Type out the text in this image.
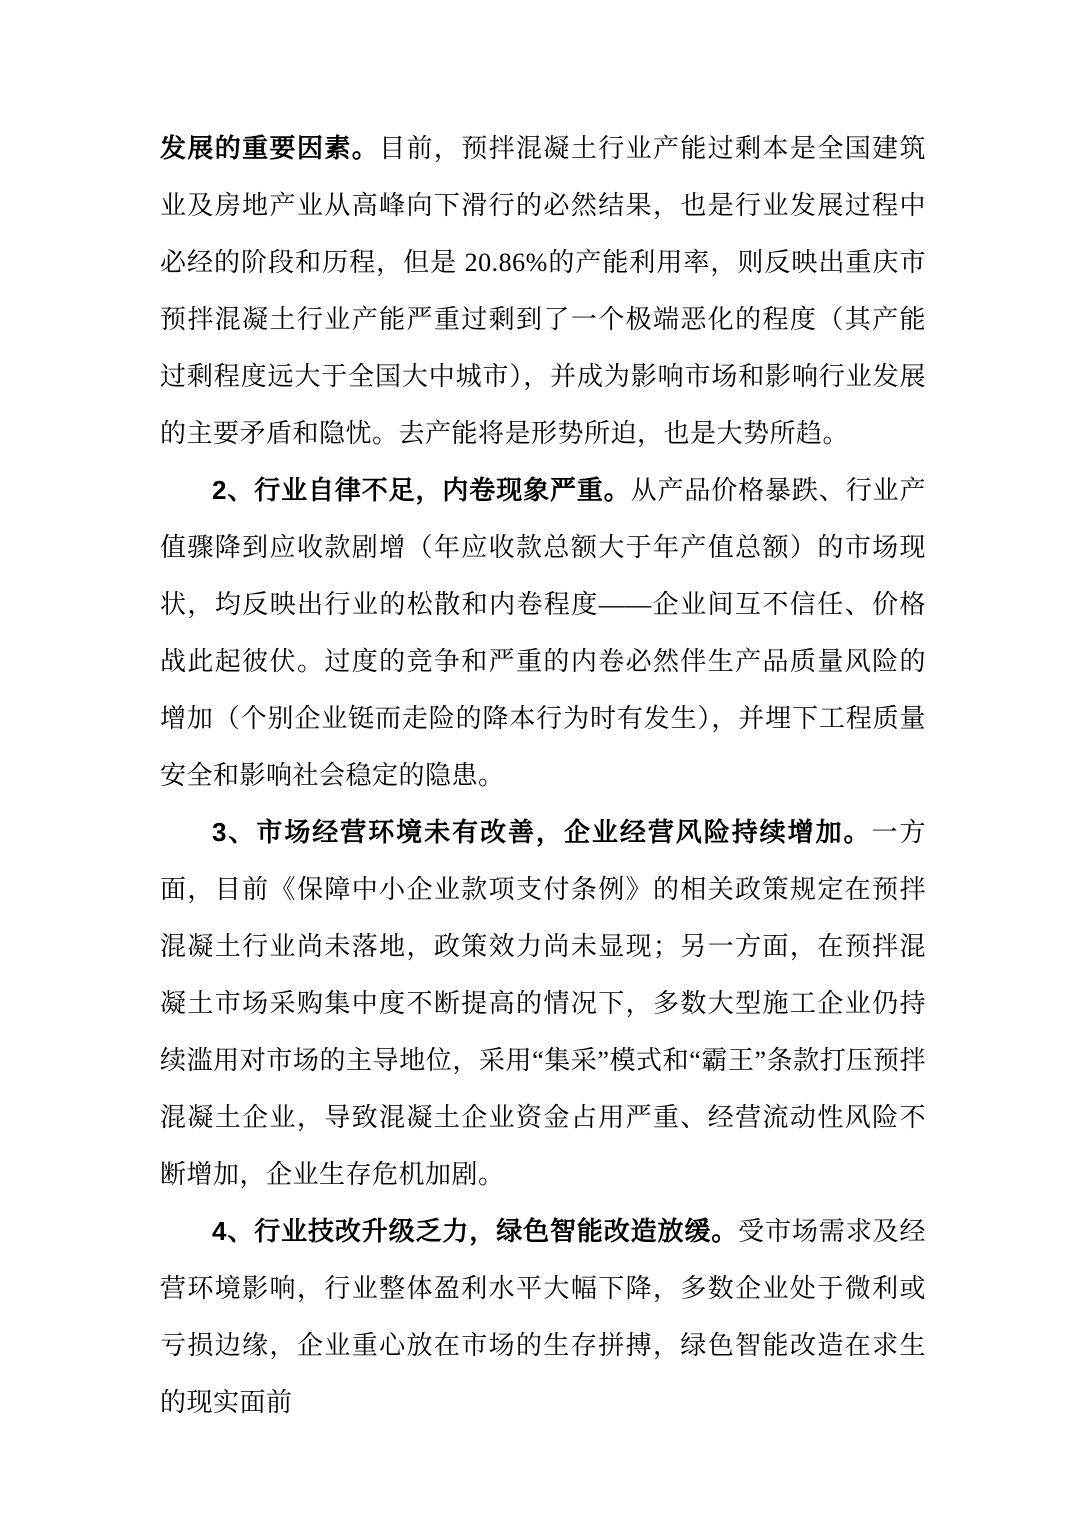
发展的重要因素。目前，预拌混凝土行业产能过剩本是全国建筑业及房地产业从高峰向下滑行的必然结果，也是行业发展过程中必经的阶段和历程，但是 20.86%的产能利用率，则反映出重庆市预拌混凝土行业产能严重过剩到了一个极端恶化的程度（其产能过剩程度远大于全国大中城市），并成为影响市场和影响行业发展的主要矛盾和隐忧。去产能将是形势所迫，也是大势所趋。

2、行业自律不足，内卷现象严重。从产品价格暴跌、行业产值骤降到应收款剧增（年应收款总额大于年产值总额）的市场现状，均反映出行业的松散和内卷程度——企业间互不信任、价格战此起彼伏。过度的竞争和严重的内卷必然伴生产品质量风险的增加（个别企业铤而走险的降本行为时有发生），并埋下工程质量安全和影响社会稳定的隐患。

3、市场经营环境未有改善，企业经营风险持续增加。一方面，目前《保障中小企业款项支付条例》的相关政策规定在预拌混凝土行业尚未落地，政策效力尚未显现；另一方面，在预拌混凝土市场采购集中度不断提高的情况下，多数大型施工企业仍持续滥用对市场的主导地位，采用“集采”模式和“霸王”条款打压预拌混凝土企业，导致混凝土企业资金占用严重、经营流动性风险不断增加，企业生存危机加剧。

4、行业技改升级乏力，绿色智能改造放缓。受市场需求及经营环境影响，行业整体盈利水平大幅下降，多数企业处于微利或亏损边缘，企业重心放在市场的生存拼搏，绿色智能改造在求生的现实面前
